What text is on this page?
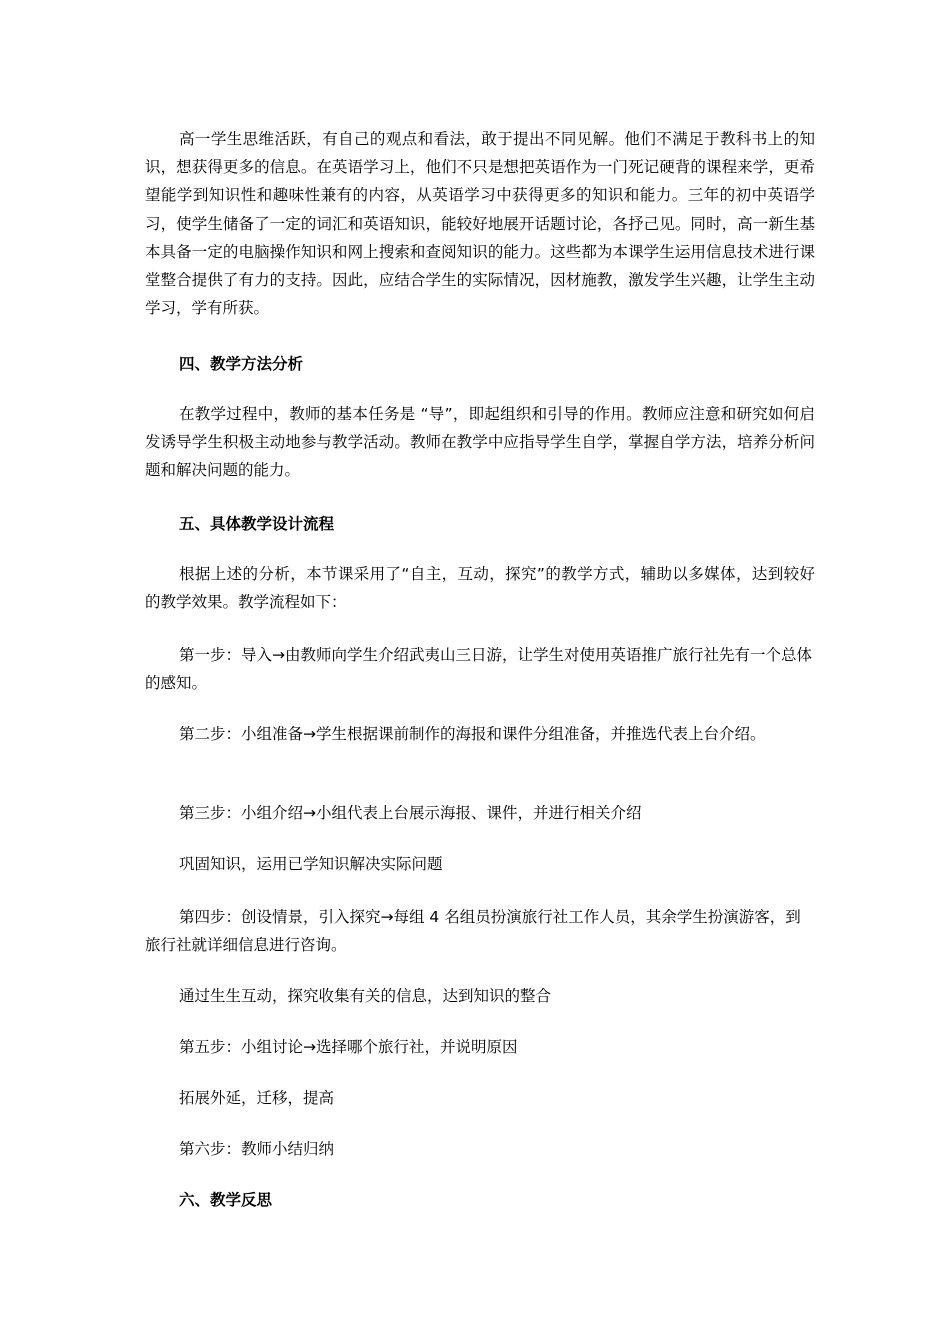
高一学生思维活跃，有自己的观点和看法，敢于提出不同见解。他们不满足于教科书上的知识，想获得更多的信息。在英语学习上，他们不只是想把英语作为一门死记硬背的课程来学，更希望能学到知识性和趣味性兼有的内容，从英语学习中获得更多的知识和能力。三年的初中英语学习，使学生储备了一定的词汇和英语知识，能较好地展开话题讨论，各抒己见。同时，高一新生基本具备一定的电脑操作知识和网上搜索和查阅知识的能力。这些都为本课学生运用信息技术进行课堂整合提供了有力的支持。因此，应结合学生的实际情况，因材施教，激发学生兴趣，让学生主动学习，学有所获。

四、教学方法分析

在教学过程中，教师的基本任务是 “导”，即起组织和引导的作用。教师应注意和研究如何启发诱导学生积极主动地参与教学活动。教师在教学中应指导学生自学，掌握自学方法，培养分析问题和解决问题的能力。

五、具体教学设计流程

根据上述的分析，本节课采用了“自主，互动，探究”的教学方式，辅助以多媒体，达到较好的教学效果。教学流程如下：

第一步：导入→由教师向学生介绍武夷山三日游，让学生对使用英语推广旅行社先有一个总体的感知。

第二步：小组准备→学生根据课前制作的海报和课件分组准备，并推选代表上台介绍。

第三步：小组介绍→小组代表上台展示海报、课件，并进行相关介绍

巩固知识，运用已学知识解决实际问题

第四步：创设情景，引入探究→每组 4 名组员扮演旅行社工作人员，其余学生扮演游客，到旅行社就详细信息进行咨询。

通过生生互动，探究收集有关的信息，达到知识的整合

第五步：小组讨论→选择哪个旅行社，并说明原因

拓展外延，迁移，提高

第六步：教师小结归纳

六、教学反思
